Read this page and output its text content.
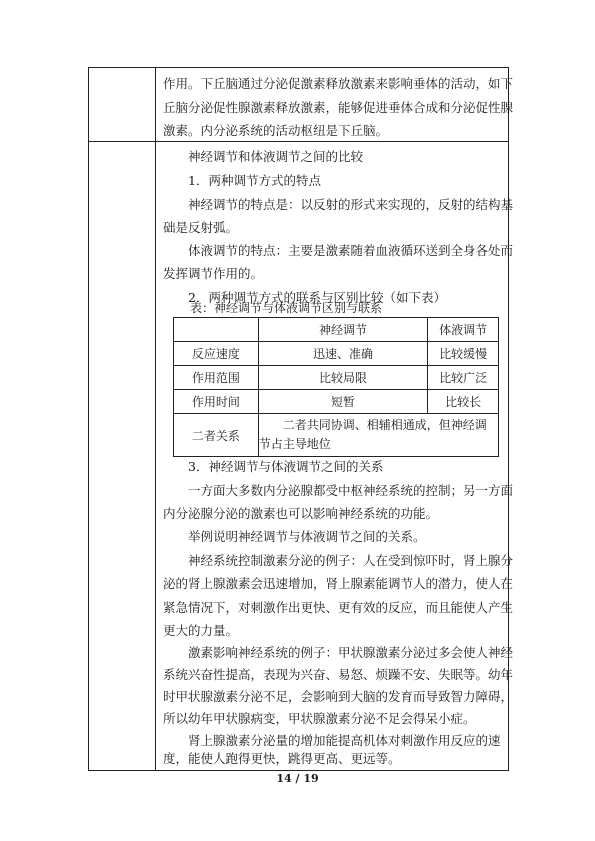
作用。下丘脑通过分泌促激素释放激素来影响垂体的活动，如下

丘脑分泌促性腺激素释放激素，能够促进垂体合成和分泌促性腺

激素。内分泌系统的活动枢纽是下丘脑。

神经调节和体液调节之间的比较

1．两种调节方式的特点

神经调节的特点是：以反射的形式来实现的，反射的结构基

础是反射弧。

体液调节的特点：主要是激素随着血液循环送到全身各处而

发挥调节作用的。

2．两种调节方式的联系与区别比较（如下表）

表：神经调节与体液调节区别与联系

	神经调节	体液调节
反应速度	迅速、准确	比较缓慢
作用范围	比较局限	比较广泛
作用时间	短暂	比较长
二者关系	二者共同协调、相辅相通成，但神经调
节占主导地位	

3．神经调节与体液调节之间的关系

一方面大多数内分泌腺都受中枢神经系统的控制；另一方面

内分泌腺分泌的激素也可以影响神经系统的功能。

举例说明神经调节与体液调节之间的关系。

神经系统控制激素分泌的例子：人在受到惊吓时，肾上腺分

泌的肾上腺激素会迅速增加，肾上腺素能调节人的潜力，使人在

紧急情况下，对刺激作出更快、更有效的反应，而且能使人产生

更大的力量。

激素影响神经系统的例子：甲状腺激素分泌过多会使人神经

系统兴奋性提高，表现为兴奋、易怒、烦躁不安、失眠等。幼年

时甲状腺激素分泌不足，会影响到大脑的发育而导致智力障碍，

所以幼年甲状腺病变，甲状腺激素分泌不足会得呆小症。

肾上腺激素分泌量的增加能提高机体对刺激作用反应的速

度，能使人跑得更快，跳得更高、更远等。

14 / 19
